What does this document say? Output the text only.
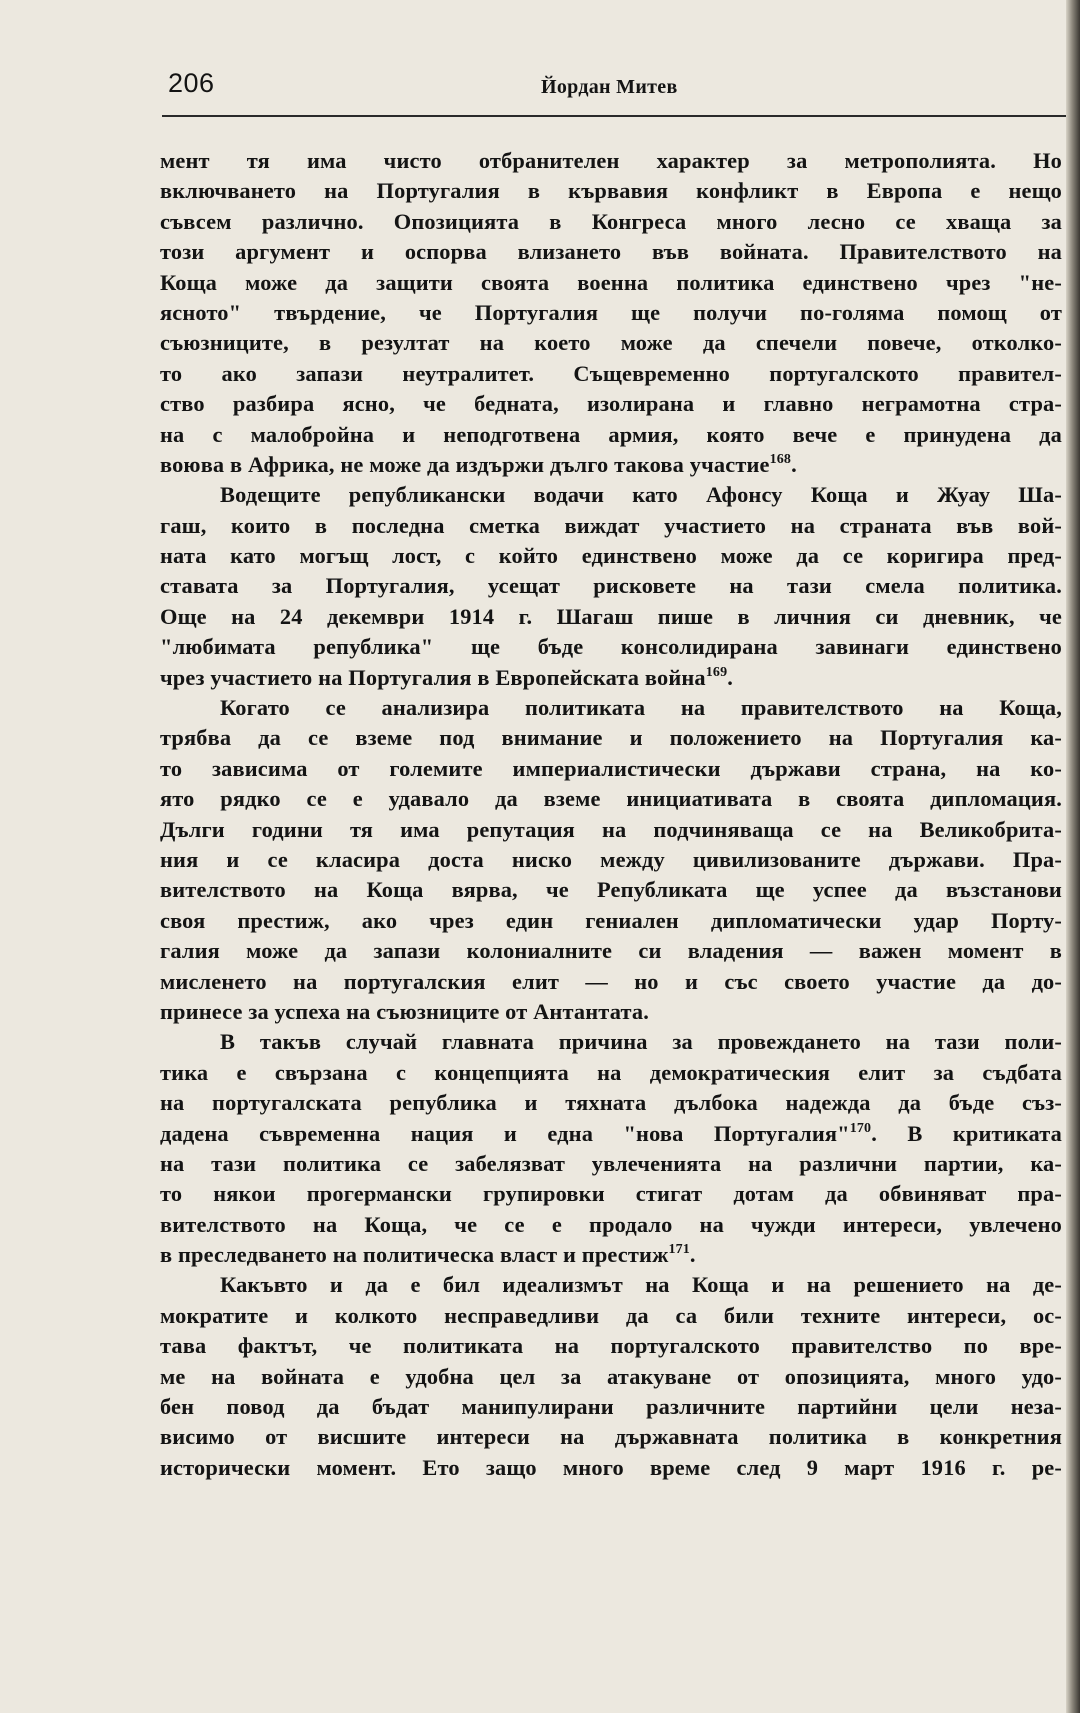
206	Йордан Митев
мент тя има чисто отбранителен характер за метрополията. Но
включването на Португалия в кървавия конфликт в Европа е нещо
съвсем различно. Опозицията в Конгреса много лесно се хваща за
този аргумент и оспорва влизането във войната. Правителството на
Коща може да защити своята военна политика единствено чрез "не-
ясното" твърдение, че Португалия ще получи по-голяма помощ от
съюзниците, в резултат на което може да спечели повече, отколко-
то ако запази неутралитет. Същевременно португалското правител-
ство разбира ясно, че бедната, изолирана и главно неграмотна стра-
на с малобройна и неподготвена армия, която вече е принудена да
воюва в Африка, не може да издържи дълго такова участие$^{168}$.
Водещите републикански водачи като Афонсу Коща и Жуау Ша-
гаш, които в последна сметка виждат участието на страната във вой-
ната като могъщ лост, с който единствено може да се коригира пред-
ставата за Португалия, усещат рисковете на тази смела политика.
Още на 24 декември 1914 г. Шагаш пише в личния си дневник, че
"любимата република" ще бъде консолидирана завинаги единствено
чрез участието на Португалия в Европейската война$^{169}$.
Когато се анализира политиката на правителството на Коща,
трябва да се вземе под внимание и положението на Португалия ка-
то зависима от големите империалистически държави страна, на ко-
ято рядко се е удавало да вземе инициативата в своята дипломация.
Дълги години тя има репутация на подчиняваща се на Великобрита-
ния и се класира доста ниско между цивилизованите държави. Пра-
вителството на Коща вярва, че Републиката ще успее да възстанови
своя престиж, ако чрез един гениален дипломатически удар Порту-
галия може да запази колониалните си владения — важен момент в
мисленето на португалския елит — но и със своето участие да до-
принесе за успеха на съюзниците от Антантата.
В такъв случай главната причина за провеждането на тази поли-
тика е свързана с концепцията на демократическия елит за съдбата
на португалската република и тяхната дълбока надежда да бъде съз-
дадена съвременна нация и една "нова Португалия"$^{170}$. В критиката
на тази политика се забелязват увлеченията на различни партии, ка-
то някои прогермански групировки стигат дотам да обвиняват пра-
вителството на Коща, че се е продало на чужди интереси, увлечено
в преследването на политическа власт и престиж$^{171}$.
Какъвто и да е бил идеализмът на Коща и на решението на де-
мократите и колкото несправедливи да са били техните интереси, ос-
тава фактът, че политиката на португалското правителство по вре-
ме на войната е удобна цел за атакуване от опозицията, много удо-
бен повод да бъдат манипулирани различните партийни цели неза-
висимо от висшите интереси на държавната политика в конкретния
исторически момент. Ето защо много време след 9 март 1916 г. ре-
